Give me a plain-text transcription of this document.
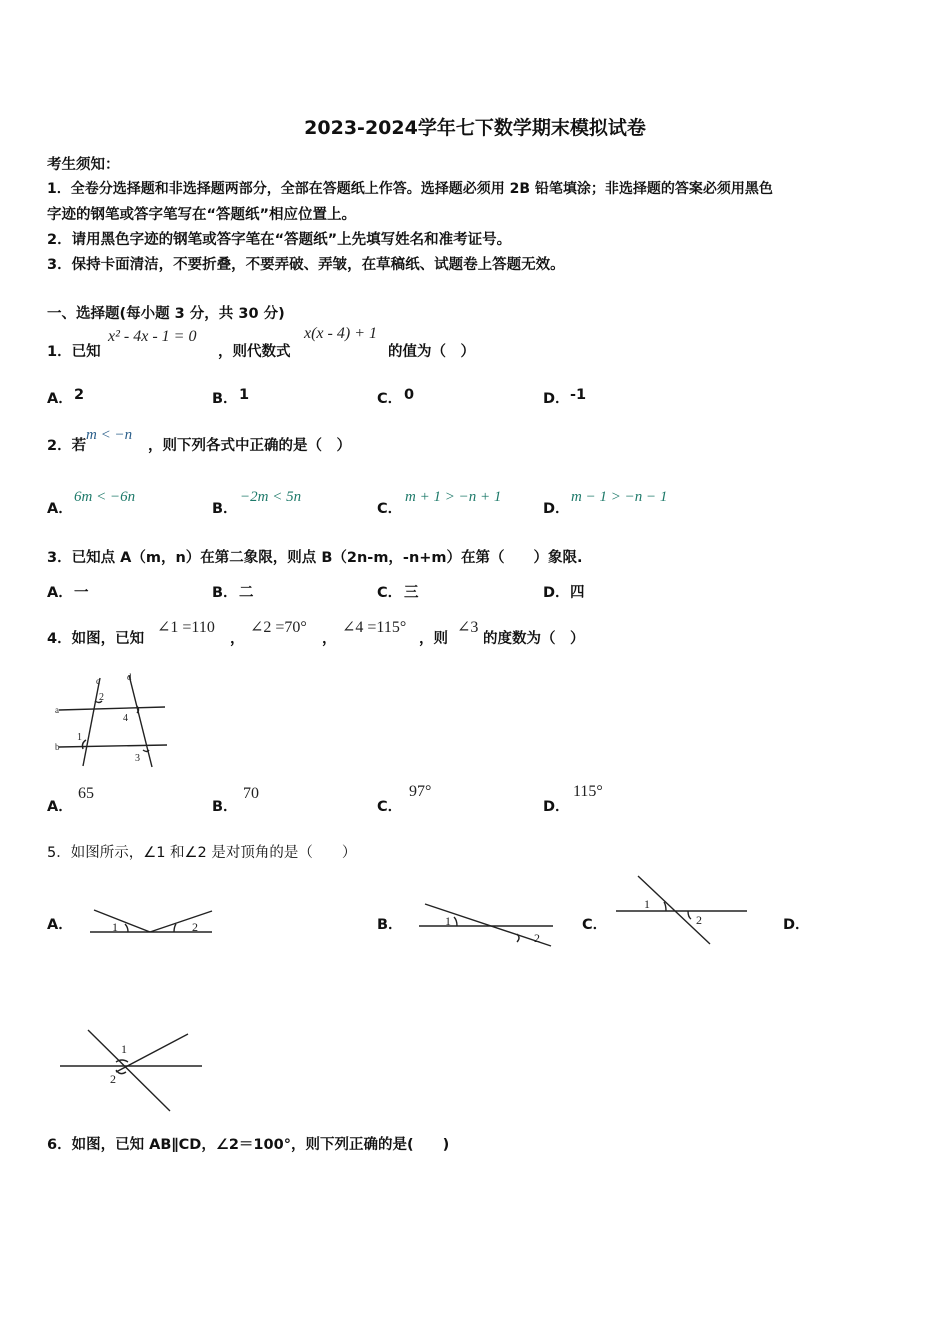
2023-2024学年七下数学期末模拟试卷
考生须知：
1．全卷分选择题和非选择题两部分，全部在答题纸上作答。选择题必须用 2B 铅笔填涂；非选择题的答案必须用黑色
字迹的钢笔或答字笔写在“答题纸”相应位置上。
2．请用黑色字迹的钢笔或答字笔在“答题纸”上先填写姓名和准考证号。
3．保持卡面清洁，不要折叠，不要弄破、弄皱，在草稿纸、试题卷上答题无效。
一、选择题(每小题 3 分，共 30 分)
1．已知
x² - 4x - 1 = 0
，则代数式
x(x - 4) + 1
的值为（　）
A． 2	B． 1	C． 0	D． -1
2．若
m < −n
，则下列各式中正确的是（　）
A．
6m < −6n
B．
−2m < 5n
C．
m + 1 > −n + 1
D．
m − 1 > −n − 1
3．已知点 A（m，n）在第二象限，则点 B（2n-m，-n+m）在第（　　）象限.
A． 一	B． 二	C． 三	D． 四
4．如图，已知
∠1 =110
，
∠2 =70°
，
∠4 =115°
，则
∠3
的度数为（　）
a
b
c	d
2
1
4
3
A．
65
B．
70
C．
97°
D．
115°
5．如图所示，∠1 和∠2 是对顶角的是（　　）
A．	1	2	B．	1
2
C．
1
2	D．
1
2
6．如图，已知 AB∥CD，∠2＝100°，则下列正确的是(　　)
